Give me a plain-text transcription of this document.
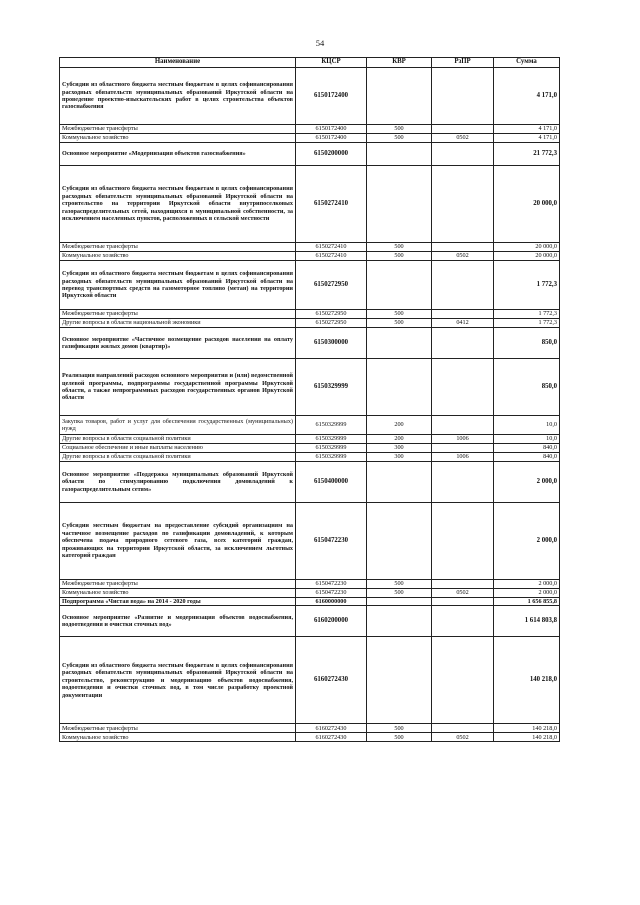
54
Наименование	КЦСР	КВР	РзПР	Сумма
Субсидии из областного бюджета местным бюджетам в целях софинансирования расходных обязательств муниципальных образований Иркутской области на проведение проектно-изыскательских работ в целях строительства объектов газоснабжения	6150172400			4 171,0
Межбюджетные трансферты	6150172400	500		4 171,0
Коммунальное хозяйство	6150172400	500	0502	4 171,0
Основное мероприятие «Модернизация объектов газоснабжения»	6150200000			21 772,3
Субсидии из областного бюджета местным бюджетам в целях софинансирования расходных обязательств муниципальных образований Иркутской области на строительство на территории Иркутской области внутрипоселковых газораспределительных сетей, находящихся в муниципальной собственности, за исключением населенных пунктов, расположенных в сельской местности	6150272410			20 000,0
Межбюджетные трансферты	6150272410	500		20 000,0
Коммунальное хозяйство	6150272410	500	0502	20 000,0
Субсидии из областного бюджета местным бюджетам в целях софинансирования расходных обязательств муниципальных образований Иркутской области на перевод транспортных средств на газомоторное топливо (метан) на территории Иркутской области	6150272950			1 772,3
Межбюджетные трансферты	6150272950	500		1 772,3
Другие вопросы в области национальной экономики	6150272950	500	0412	1 772,3
Основное мероприятие «Частичное возмещение расходов населения на оплату газификации жилых домов (квартир)»	6150300000			850,0
Реализация направлений расходов основного мероприятия и (или) ведомственной целевой программы, подпрограммы государственной программы Иркутской области, а также непрограммных расходов государственных органов Иркутской области	6150329999			850,0
Закупка товаров, работ и услуг для обеспечения государственных (муниципальных) нужд	6150329999	200		10,0
Другие вопросы в области социальной политики	6150329999	200	1006	10,0
Социальное обеспечение и иные выплаты населению	6150329999	300		840,0
Другие вопросы в области социальной политики	6150329999	300	1006	840,0
Основное мероприятие «Поддержка муниципальных образований Иркутской области по стимулированию подключения домовладений к газораспределительным сетям»	6150400000			2 000,0
Субсидии местным бюджетам на предоставление субсидий организациям на частичное возмещение расходов по газификации домовладений, к которым обеспечена подача природного сетевого газа, всех категорий граждан, проживающих на территории Иркутской области, за исключением льготных категорий граждан	6150472230			2 000,0
Межбюджетные трансферты	6150472230	500		2 000,0
Коммунальное хозяйство	6150472230	500	0502	2 000,0
Подпрограмма «Чистая вода» на 2014 - 2020 годы	6160000000			1 656 855,8
Основное мероприятие «Развитие и модернизация объектов водоснабжения, водоотведения и очистки сточных вод»	6160200000			1 614 803,8
Субсидии из областного бюджета местным бюджетам в целях софинансирования расходных обязательств муниципальных образований Иркутской области на строительство, реконструкцию и модернизацию объектов водоснабжения, водоотведения и очистки сточных вод, в том числе разработку проектной документации	6160272430			140 218,0
Межбюджетные трансферты	6160272430	500		140 218,0
Коммунальное хозяйство	6160272430	500	0502	140 218,0
